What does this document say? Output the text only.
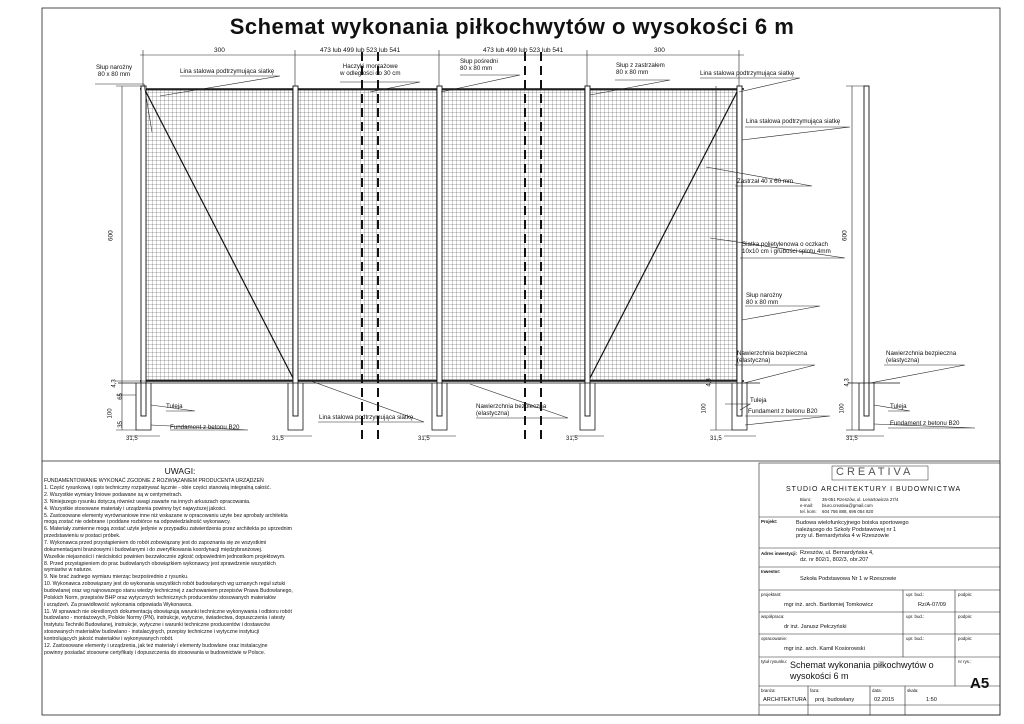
Schemat wykonania piłkochwytów o wysokości 6 m
300	473 lub 499 lub 523 lub 541	473 lub 499 lub 523 lub 541	300
600	600
4,3
65
100
35
31,5	31,5	31,5	31,5	31,5	31,5
100
4,3
100
4,3
Słup narożny
80 x 80 mm	Lina stalowa podtrzymująca siatkę
Haczyki montażowe
w odległości co 30 cm
Słup pośredni
80 x 80 mm	Słup z zastrzałem
80 x 80 mm	Lina stalowa podtrzymująca siatkę
Lina stalowa podtrzymująca siatkę
Zastrzał 40 x 60 mm
Siatka polietylenowa o oczkach
10x10 cm i grubości splotu 4mm
Słup narożny
80 x 80 mm
Nawierzchnia bezpieczna
(elastyczna)
Tuleja
Fundament z betonu B20
Tuleja
Fundament z betonu B20
Lina stalowa podtrzymująca siatkę
Nawierzchnia bezpieczna
(elastyczna)
Nawierzchnia bezpieczna
(elastyczna)
Tuleja
Fundament z betonu B20
UWAGI:
FUNDAMENTOWANIE WYKONAĆ ZGODNIE Z ROZWIĄZANIEM PRODUCENTA URZĄDZEŃ
1. Część rysunkową i opis techniczny rozpatrywać łącznie - obie części stanowią integralną całość.
2. Wszystkie wymiary liniowe podawane są w centymetrach.
3. Niniejszego rysunku dotyczą również uwagi zawarte na innych arkuszach opracowania.
4. Wszystkie stosowane materiały i urządzenia powinny być najwyższej jakości.
5. Zastosowane elementy wyrównaniowe inne niż wskazane w opracowaniu użyte bez aprobaty architekta
mogą zostać nie odebrane i poddane rozbiórce na odpowiedzialność wykonawcy.
6. Materiały zamienne mogą zostać użyte jedynie w przypadku zatwierdzenia przez architekta po uprzednim
przedstawieniu w postaci próbek.
7. Wykonawca przed przystąpieniem do robót zobowiązany jest do zapoznania się ze wszystkimi
dokumentacjami branżowymi i budowlanymi i do zweryfikowania koordynacji międzybranżowej.
Wszelkie niejasności i nieścisłości powinien bezzwłocznie zgłosić odpowiednim jednostkom projektowym.
8. Przed przystąpieniem do prac budowlanych obowiązkiem wykonawcy jest sprawdzenie wszystkich
wymiarów w naturze.
9. Nie brać żadnego wymiaru mierząc bezpośrednio z rysunku.
10. Wykonawca zobowiązany jest do wykonania wszystkich robót budowlanych wg uznanych reguł sztuki
budowlanej oraz wg najnowszego stanu wiedzy technicznej z zachowaniem przepisów Prawa Budowlanego,
Polskich Norm, przepisów BHP oraz wytycznych technicznych producentów stosowanych materiałów
i urządzeń. Za prawidłowość wykonania odpowiada Wykonawca.
11. W sprawach nie określonych dokumentacją obowiązują warunki techniczne wykonywania i odbioru robót
budowlano - montażowych, Polskie Normy (PN), instrukcje, wytyczne, świadectwa, dopuszczenia i atesty
Instytutu Techniki Budowlanej, instrukcje, wytyczne i warunki techniczne producentów i dostawców
stosowanych materiałów budowlano - instalacyjnych, przepisy techniczne i wytyczne instytucji
kontrolujących jakość materiałów i wykonywanych robót.
12. Zastosowane elementy i urządzenia, jak też materiały i elementy budowlane oraz instalacyjne
powinny posiadać stosowne certyfikaty i dopuszczenia do stosowania w budownictwie w Polsce.
CREATIVA
STUDIO ARCHITEKTURY I BUDOWNICTWA
Biuro:
e-mail:
tel. kom:
35-051 Rzeszów, ul. Lenartowicza 27/4
biuro.creativa@gmail.com
604 756 888, 696 054 820
Projekt:	Budowa wielofunkcyjnego boiska sportowego
należącego do Szkoły Podstawowej nr 1
przy ul. Bernardyńska 4 w Rzeszowie
Adres inwestycji: Rzeszów, ul. Bernardyńska 4,
dz. nr 802/1, 802/3, obr.207
Inwestor:
Szkoła Podstawowa Nr 1 w Rzeszowie
projektant:
mgr inż. arch. Bartłomiej Tomkowicz
upr. bud.:
Rz/A-07/09
podpis:
współpraca:
dr inż. Janusz Pełczyński
upr. bud.:	podpis:
opracowanie:
mgr inż. arch. Kamil Kosiorowski
upr. bud.:	podpis:
tytuł rysunku: Schemat wykonania piłkochwytów o
wysokości 6 m
nr rys.:
A5
branża:
ARCHITEKTURA
faza:
proj. budowlany
data:
02.2015
skala:
1:50
